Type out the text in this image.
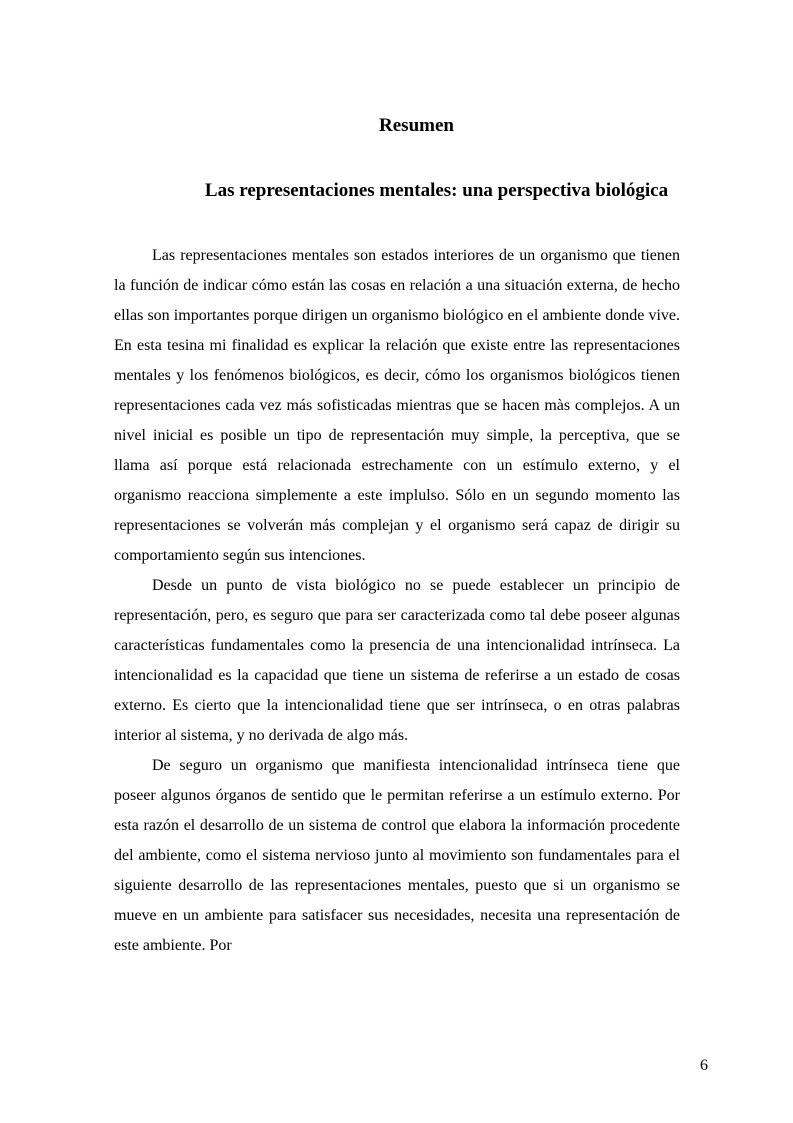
Resumen
Las representaciones mentales: una perspectiva biológica

Las representaciones mentales son estados interiores de un organismo que tienen la función de indicar cómo están las cosas en relación a una situación externa, de hecho ellas son importantes porque dirigen un organismo biológico en el ambiente donde vive. En esta tesina mi finalidad es explicar la relación que existe entre las representaciones mentales y los fenómenos biológicos, es decir, cómo los organismos biológicos tienen representaciones cada vez más sofisticadas mientras que se hacen màs complejos. A un nivel inicial es posible un tipo de representación muy simple, la perceptiva, que se llama así porque está relacionada estrechamente con un estímulo externo, y el organismo reacciona simplemente a este implulso. Sólo en un segundo momento las representaciones se volverán más complejan y el organismo será capaz de dirigir su comportamiento según sus intenciones.

Desde un punto de vista biológico no se puede establecer un principio de representación, pero, es seguro que para ser caracterizada como tal debe poseer algunas características fundamentales como la presencia de una intencionalidad intrínseca. La intencionalidad es la capacidad que tiene un sistema de referirse a un estado de cosas externo. Es cierto que la intencionalidad tiene que ser intrínseca, o en otras palabras interior al sistema, y no derivada de algo más.

De seguro un organismo que manifiesta intencionalidad intrínseca tiene que poseer algunos órganos de sentido que le permitan referirse a un estímulo externo. Por esta razón el desarrollo de un sistema de control que elabora la información procedente del ambiente, como el sistema nervioso junto al movimiento son fundamentales para el siguiente desarrollo de las representaciones mentales, puesto que si un organismo se mueve en un ambiente para satisfacer sus necesidades, necesita una representación de este ambiente. Por

6
